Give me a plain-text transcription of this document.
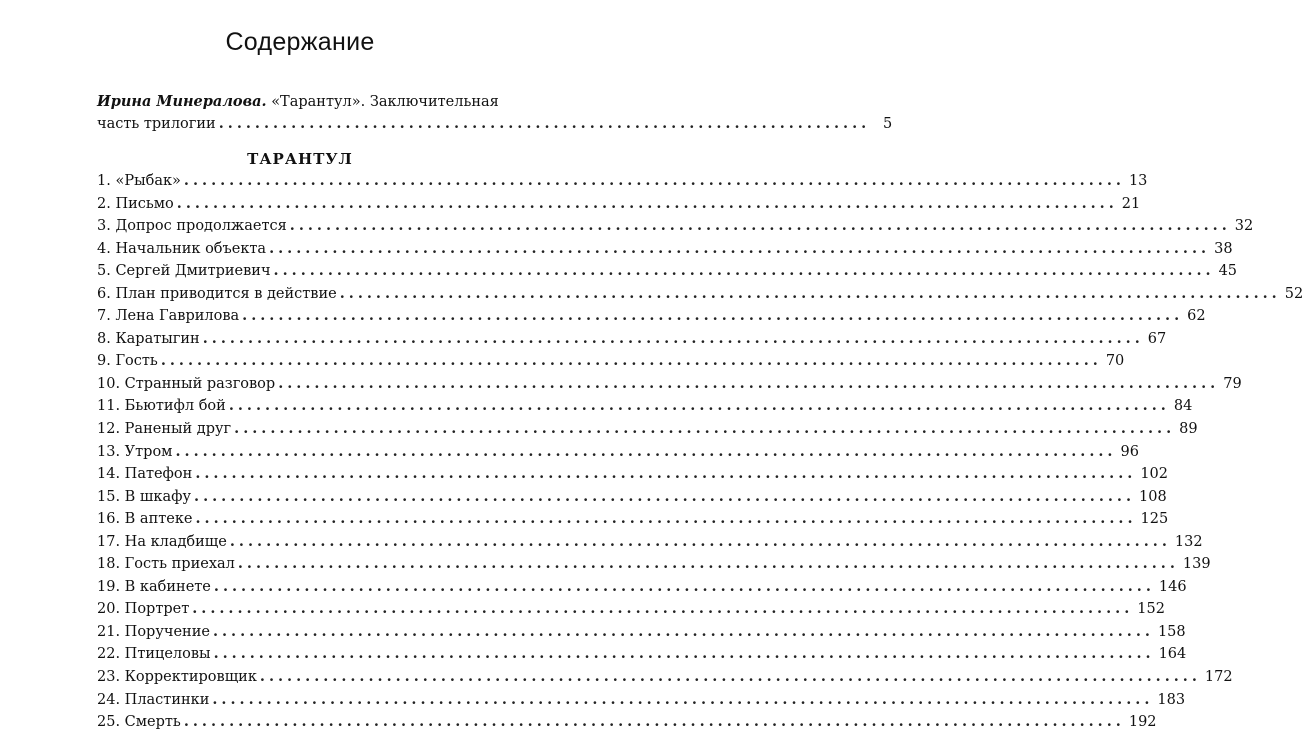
Содержание
Ирина Минералова. «Тарантул». Заключительная
часть трилогии ........................................................................ 5
ТАРАНТУЛ
1. «Рыбак» ........................................................................................................ 13
2. Письмо ........................................................................................................ 21
3. Допрос продолжается ........................................................................................................ 32
4. Начальник объекта ........................................................................................................ 38
5. Сергей Дмитриевич ........................................................................................................ 45
6. План приводится в действие ........................................................................................................ 52
7. Лена Гаврилова ........................................................................................................ 62
8. Каратыгин ........................................................................................................ 67
9. Гость ........................................................................................................ 70
10. Странный разговор ........................................................................................................ 79
11. Бьютифл бой ........................................................................................................ 84
12. Раненый друг ........................................................................................................ 89
13. Утром ........................................................................................................ 96
14. Патефон ........................................................................................................ 102
15. В шкафу ........................................................................................................ 108
16. В аптеке ........................................................................................................ 125
17. На кладбище ........................................................................................................ 132
18. Гость приехал ........................................................................................................ 139
19. В кабинете ........................................................................................................ 146
20. Портрет ........................................................................................................ 152
21. Поручение ........................................................................................................ 158
22. Птицеловы ........................................................................................................ 164
23. Корректировщик ........................................................................................................ 172
24. Пластинки ........................................................................................................ 183
25. Смерть ........................................................................................................ 192
